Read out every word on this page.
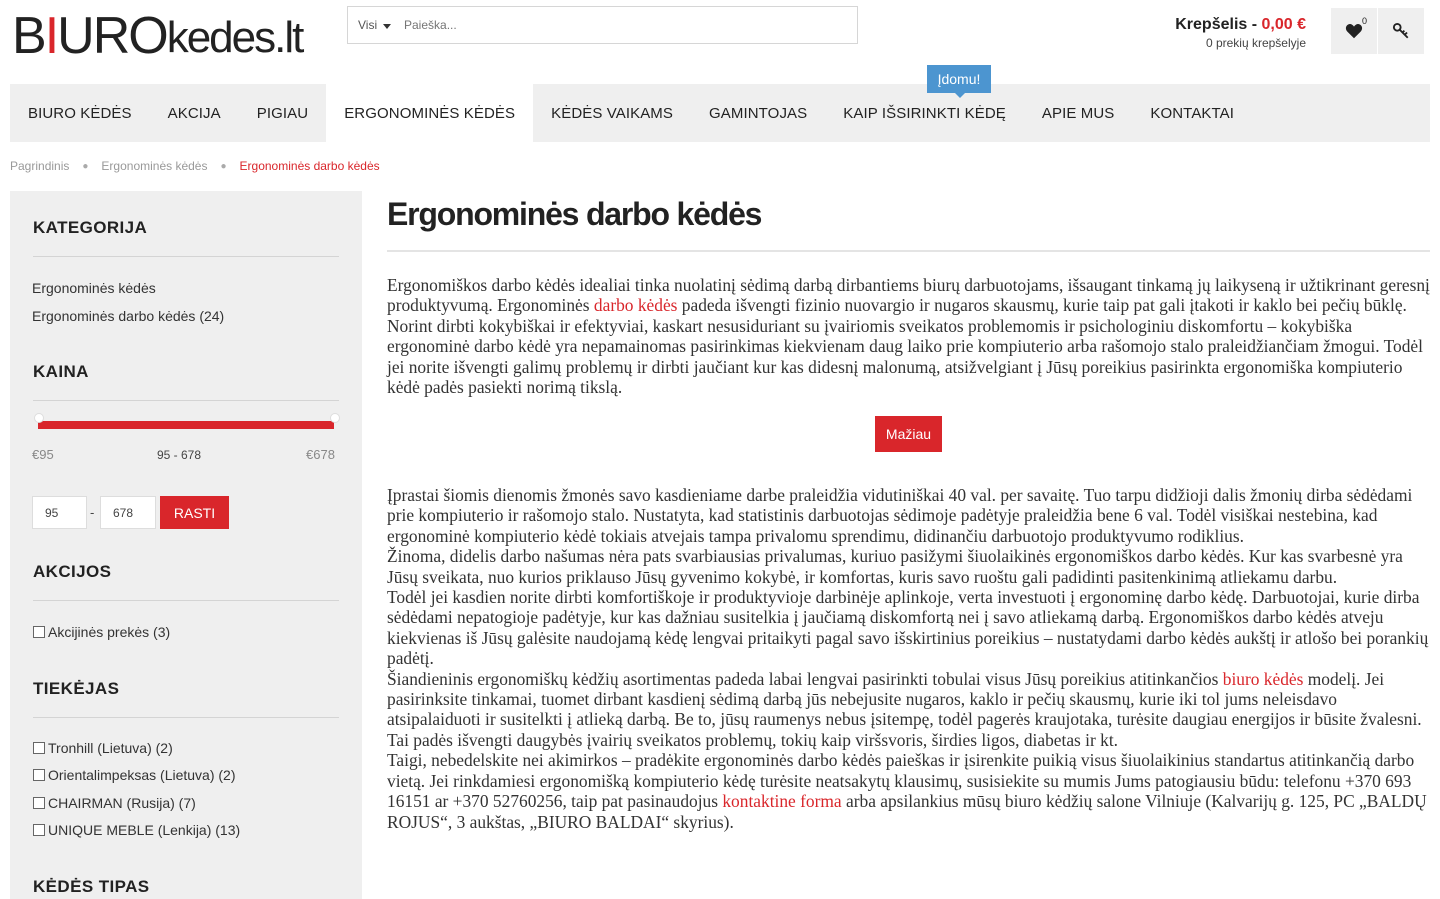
BIURO kedes.lt	Visi
Paieška...	Krepšelis - 0,00 €
0 prekių krepšelyje
0
BIURO KĖDĖS	AKCIJA	PIGIAU	ERGONOMINĖS KĖDĖS	KĖDĖS VAIKAMS	GAMINTOJAS	KAIP IŠSIRINKTI KĖDĘ	APIE MUS	KONTAKTAI
Įdomu!
Pagrindinis ● Ergonominės kėdės ● Ergonominės darbo kėdės
KATEGORIJA
Ergonominės kėdės
Ergonominės darbo kėdės (24)
KAINA
€95	95 - 678	€678
95	-	678	RASTI
AKCIJOS
Akcijinės prekės (3)
TIEKĖJAS
Tronhill (Lietuva) (2)
Orientalimpeksas (Lietuva) (2)
CHAIRMAN (Rusija) (7)
UNIQUE MEBLE (Lenkija) (13)
KĖDĖS TIPAS
Ergonominės darbo kėdės
Ergonomiškos darbo kėdės idealiai tinka nuolatinį sėdimą darbą dirbantiems biurų darbuotojams, išsaugant tinkamą jų laikyseną ir užtikrinant geresnį produktyvumą. Ergonominės darbo kėdės padeda išvengti fizinio nuovargio ir nugaros skausmų, kurie taip pat gali įtakoti ir kaklo bei pečių būklę. Norint dirbti kokybiškai ir efektyviai, kaskart nesusiduriant su įvairiomis sveikatos problemomis ir psichologiniu diskomfortu – kokybiška ergonominė darbo kėdė yra nepamainomas pasirinkimas kiekvienam daug laiko prie kompiuterio arba rašomojo stalo praleidžiančiam žmogui. Todėl jei norite išvengti galimų problemų ir dirbti jaučiant kur kas didesnį malonumą, atsižvelgiant į Jūsų poreikius pasirinkta ergonomiška kompiuterio kėdė padės pasiekti norimą tikslą.
Mažiau
Įprastai šiomis dienomis žmonės savo kasdieniame darbe praleidžia vidutiniškai 40 val. per savaitę. Tuo tarpu didžioji dalis žmonių dirba sėdėdami prie kompiuterio ir rašomojo stalo. Nustatyta, kad statistinis darbuotojas sėdimoje padėtyje praleidžia bene 6 val. Todėl visiškai nestebina, kad ergonominė kompiuterio kėdė tokiais atvejais tampa privalomu sprendimu, didinančiu darbuotojo produktyvumo rodiklius.
Žinoma, didelis darbo našumas nėra pats svarbiausias privalumas, kuriuo pasižymi šiuolaikinės ergonomiškos darbo kėdės. Kur kas svarbesnė yra Jūsų sveikata, nuo kurios priklauso Jūsų gyvenimo kokybė, ir komfortas, kuris savo ruoštu gali padidinti pasitenkinimą atliekamu darbu.
Todėl jei kasdien norite dirbti komfortiškoje ir produktyvioje darbinėje aplinkoje, verta investuoti į ergonominę darbo kėdę. Darbuotojai, kurie dirba sėdėdami nepatogioje padėtyje, kur kas dažniau susitelkia į jaučiamą diskomfortą nei į savo atliekamą darbą. Ergonomiškos darbo kėdės atveju kiekvienas iš Jūsų galėsite naudojamą kėdę lengvai pritaikyti pagal savo išskirtinius poreikius – nustatydami darbo kėdės aukštį ir atlošo bei porankių padėtį.
Šiandieninis ergonomiškų kėdžių asortimentas padeda labai lengvai pasirinkti tobulai visus Jūsų poreikius atitinkančios biuro kėdės modelį. Jei pasirinksite tinkamai, tuomet dirbant kasdienį sėdimą darbą jūs nebejusite nugaros, kaklo ir pečių skausmų, kurie iki tol jums neleisdavo atsipalaiduoti ir susitelkti į atlieką darbą. Be to, jūsų raumenys nebus įsitempę, todėl pagerės kraujotaka, turėsite daugiau energijos ir būsite žvalesni. Tai padės išvengti daugybės įvairių sveikatos problemų, tokių kaip viršsvoris, širdies ligos, diabetas ir kt.
Taigi, nebedelskite nei akimirkos – pradėkite ergonominės darbo kėdės paieškas ir įsirenkite puikią visus šiuolaikinius standartus atitinkančią darbo vietą. Jei rinkdamiesi ergonomišką kompiuterio kėdę turėsite neatsakytų klausimų, susisiekite su mumis Jums patogiausiu būdu: telefonu +370 693 16151 ar +370 52760256, taip pat pasinaudojus kontaktine forma arba apsilankius mūsų biuro kėdžių salone Vilniuje (Kalvarijų g. 125, PC „BALDŲ ROJUS“, 3 aukštas, „BIURO BALDAI“ skyrius).
